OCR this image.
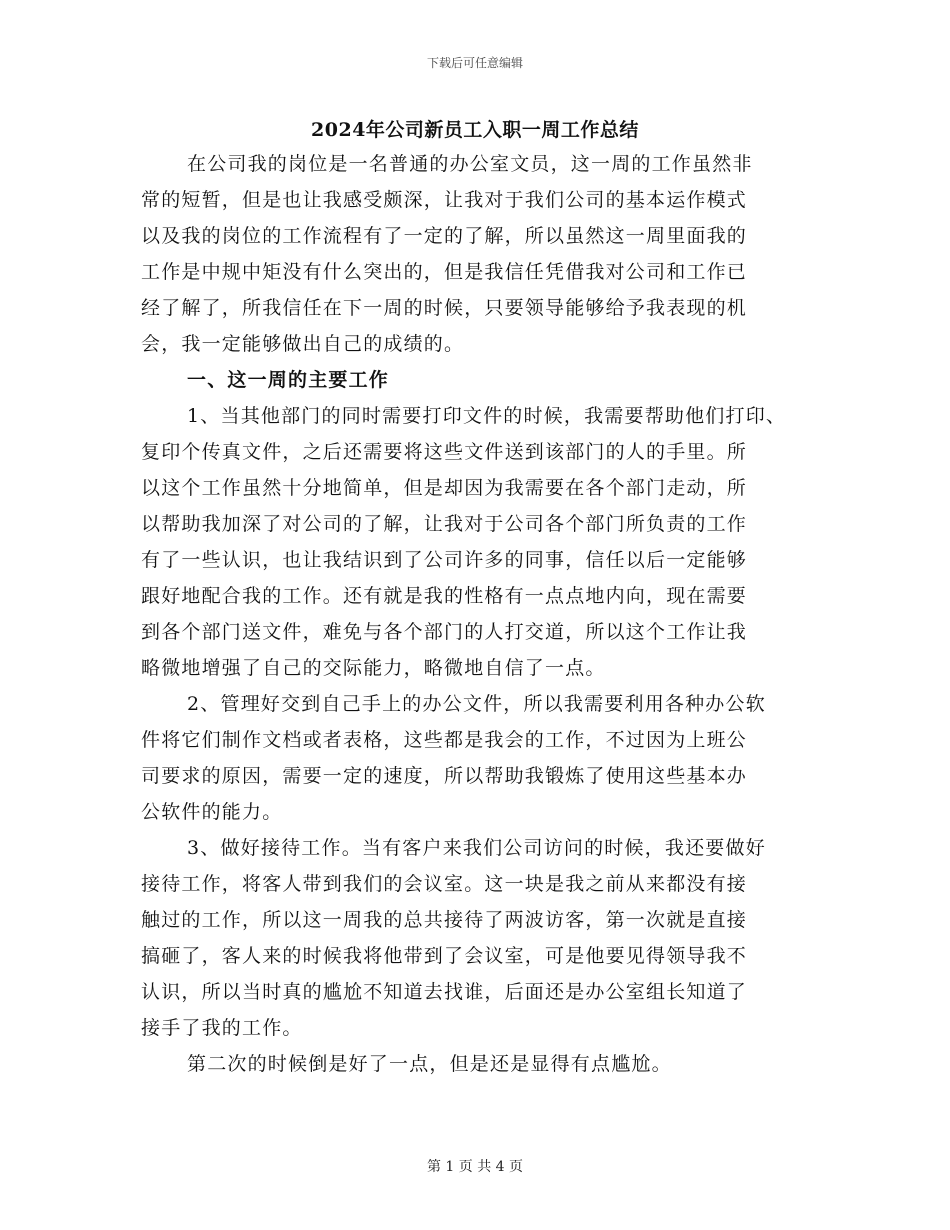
下载后可任意编辑
2024年公司新员工入职一周工作总结
在公司我的岗位是一名普通的办公室文员，这一周的工作虽然非
常的短暂，但是也让我感受颇深，让我对于我们公司的基本运作模式
以及我的岗位的工作流程有了一定的了解，所以虽然这一周里面我的
工作是中规中矩没有什么突出的，但是我信任凭借我对公司和工作已
经了解了，所我信任在下一周的时候，只要领导能够给予我表现的机
会，我一定能够做出自己的成绩的。
一、这一周的主要工作
1、当其他部门的同时需要打印文件的时候，我需要帮助他们打印、
复印个传真文件，之后还需要将这些文件送到该部门的人的手里。所
以这个工作虽然十分地简单，但是却因为我需要在各个部门走动，所
以帮助我加深了对公司的了解，让我对于公司各个部门所负责的工作
有了一些认识，也让我结识到了公司许多的同事，信任以后一定能够
跟好地配合我的工作。还有就是我的性格有一点点地内向，现在需要
到各个部门送文件，难免与各个部门的人打交道，所以这个工作让我
略微地增强了自己的交际能力，略微地自信了一点。
2、管理好交到自己手上的办公文件，所以我需要利用各种办公软
件将它们制作文档或者表格，这些都是我会的工作，不过因为上班公
司要求的原因，需要一定的速度，所以帮助我锻炼了使用这些基本办
公软件的能力。
3、做好接待工作。当有客户来我们公司访问的时候，我还要做好
接待工作，将客人带到我们的会议室。这一块是我之前从来都没有接
触过的工作，所以这一周我的总共接待了两波访客，第一次就是直接
搞砸了，客人来的时候我将他带到了会议室，可是他要见得领导我不
认识，所以当时真的尴尬不知道去找谁，后面还是办公室组长知道了
接手了我的工作。
第二次的时候倒是好了一点，但是还是显得有点尴尬。
第 1 页 共 4 页
